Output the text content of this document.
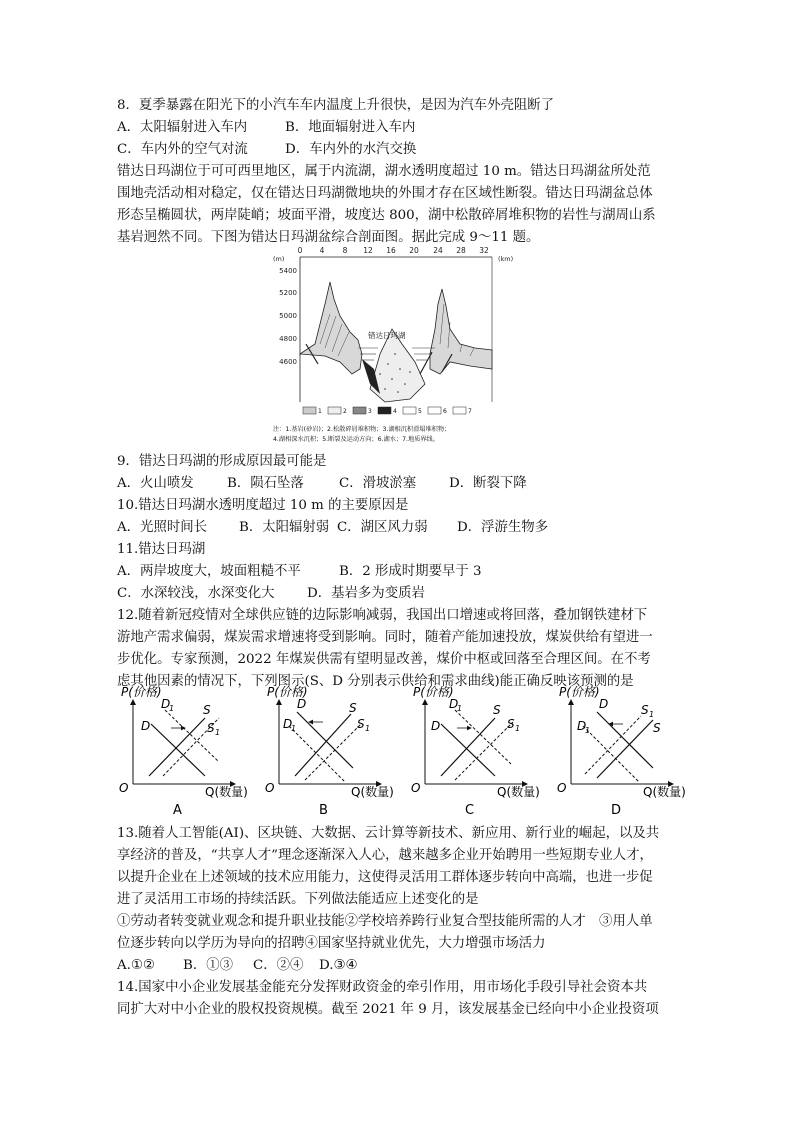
8．夏季暴露在阳光下的小汽车车内温度上升很快，是因为汽车外壳阻断了
A．太阳辐射进入车内	B．地面辐射进入车内
C．车内外的空气对流	D．车内外的水汽交换
错达日玛湖位于可可西里地区，属于内流湖，湖水透明度超过 10 m。错达日玛湖盆所处范
围地壳活动相对稳定，仅在错达日玛湖微地块的外围才存在区域性断裂。错达日玛湖盆总体
形态呈椭圆状，两岸陡峭；坡面平滑，坡度达 800，湖中松散碎屑堆积物的岩性与湖周山系
基岩迥然不同。下图为错达日玛湖盆综合剖面图。据此完成 9～11 题。
0 4 8 12 16 20 24 28 32
(km)
(m)
5400
5200
5000
4800
4600
错达日玛湖
1	2	3	4	5	6	7
注：1.基岩(砂岩)；2.松散碎屑堆积物；3.湖相沉积滑塌堆积物；
4.湖相深水沉积；5.断裂及运动方向；6.湖水；7.地质界线。
9．错达日玛湖的形成原因最可能是
A．火山喷发 B．陨石坠落	C．滑坡淤塞 D．断裂下降
10.错达日玛湖水透明度超过 10 m 的主要原因是
A．光照时间长 B．太阳辐射弱 C．湖区风力弱 D．浮游生物多
11.错达日玛湖
A．两岸坡度大，坡面粗糙不平	B．2 形成时期要早于 3
C．水深较浅，水深变化大 D．基岩多为变质岩
12.随着新冠疫情对全球供应链的边际影响减弱，我国出口增速或将回落，叠加钢铁建材下
游地产需求偏弱，煤炭需求增速将受到影响。同时，随着产能加速投放，煤炭供给有望进一
步优化。专家预测，2022 年煤炭供需有望明显改善，煤价中枢或回落至合理区间。在不考
虑其他因素的情况下，下列图示(S、D 分别表示供给和需求曲线)能正确反映该预测的是
P(价格)
Q(数量)
O
D
S
S 1
D
1
A
P(价格)
Q(数量)
O
D	S
S 1
D
1
B
P(价格)
Q(数量)
O
D
S
S 1
D
1
C
P(价格)
Q(数量)
O
D
S
S 1
D
1
D
13.随着人工智能(AI)、区块链、大数据、云计算等新技术、新应用、新行业的崛起，以及共
享经济的普及，“共享人才”理念逐渐深入人心，越来越多企业开始聘用一些短期专业人才，
以提升企业在上述领域的技术应用能力，这使得灵活用工群体逐步转向中高端，也进一步促
进了灵活用工市场的持续活跃。下列做法能适应上述变化的是
①劳动者转变就业观念和提升职业技能②学校培养跨行业复合型技能所需的人才　③用人单
位逐步转向以学历为导向的招聘④国家坚持就业优先，大力增强市场活力
A.①② B．①③ C．②④ D.③④
14.国家中小企业发展基金能充分发挥财政资金的牵引作用，用市场化手段引导社会资本共
同扩大对中小企业的股权投资规模。截至 2021 年 9 月，该发展基金已经向中小企业投资项
